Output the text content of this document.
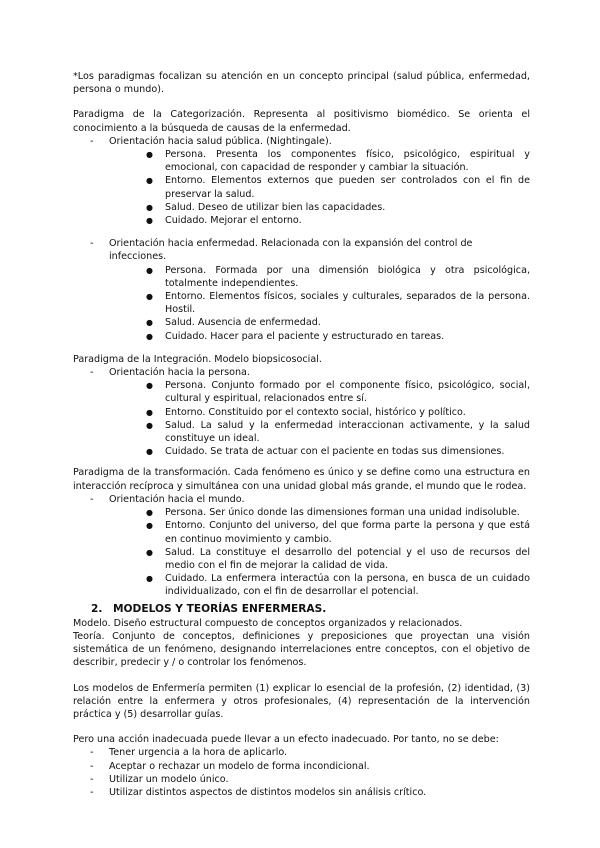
*Los paradigmas focalizan su atención en un concepto principal (salud pública, enfermedad, persona o mundo).

Paradigma de la Categorización. Representa al positivismo biomédico. Se orienta el conocimiento a la búsqueda de causas de la enfermedad.

- Orientación hacia salud pública. (Nightingale).
● Persona. Presenta los componentes físico, psicológico, espiritual y emocional, con capacidad de responder y cambiar la situación.
● Entorno. Elementos externos que pueden ser controlados con el fin de preservar la salud.
● Salud. Deseo de utilizar bien las capacidades.
● Cuidado. Mejorar el entorno.
- Orientación hacia enfermedad. Relacionada con la expansión del control de infecciones.
● Persona. Formada por una dimensión biológica y otra psicológica, totalmente independientes.
● Entorno. Elementos físicos, sociales y culturales, separados de la persona. Hostil.
● Salud. Ausencia de enfermedad.
● Cuidado. Hacer para el paciente y estructurado en tareas.

Paradigma de la Integración. Modelo biopsicosocial.

- Orientación hacia la persona.
● Persona. Conjunto formado por el componente físico, psicológico, social, cultural y espiritual, relacionados entre sí.
● Entorno. Constituido por el contexto social, histórico y político.
● Salud. La salud y la enfermedad interaccionan activamente, y la salud constituye un ideal.
● Cuidado. Se trata de actuar con el paciente en todas sus dimensiones.

Paradigma de la transformación. Cada fenómeno es único y se define como una estructura en interacción recíproca y simultánea con una unidad global más grande, el mundo que le rodea.

- Orientación hacia el mundo.
● Persona. Ser único donde las dimensiones forman una unidad indisoluble.
● Entorno. Conjunto del universo, del que forma parte la persona y que está en continuo movimiento y cambio.
● Salud. La constituye el desarrollo del potencial y el uso de recursos del medio con el fin de mejorar la calidad de vida.
● Cuidado. La enfermera interactúa con la persona, en busca de un cuidado individualizado, con el fin de desarrollar el potencial.
2. MODELOS Y TEORÍAS ENFERMERAS.

Modelo. Diseño estructural compuesto de conceptos organizados y relacionados.

Teoría. Conjunto de conceptos, definiciones y preposiciones que proyectan una visión sistemática de un fenómeno, designando interrelaciones entre conceptos, con el objetivo de describir, predecir y / o controlar los fenómenos.

Los modelos de Enfermería permiten (1) explicar lo esencial de la profesión, (2) identidad, (3) relación entre la enfermera y otros profesionales, (4) representación de la intervención práctica y (5) desarrollar guías.

Pero una acción inadecuada puede llevar a un efecto inadecuado. Por tanto, no se debe:

- Tener urgencia a la hora de aplicarlo.
- Aceptar o rechazar un modelo de forma incondicional.
- Utilizar un modelo único.
- Utilizar distintos aspectos de distintos modelos sin análisis crítico.
